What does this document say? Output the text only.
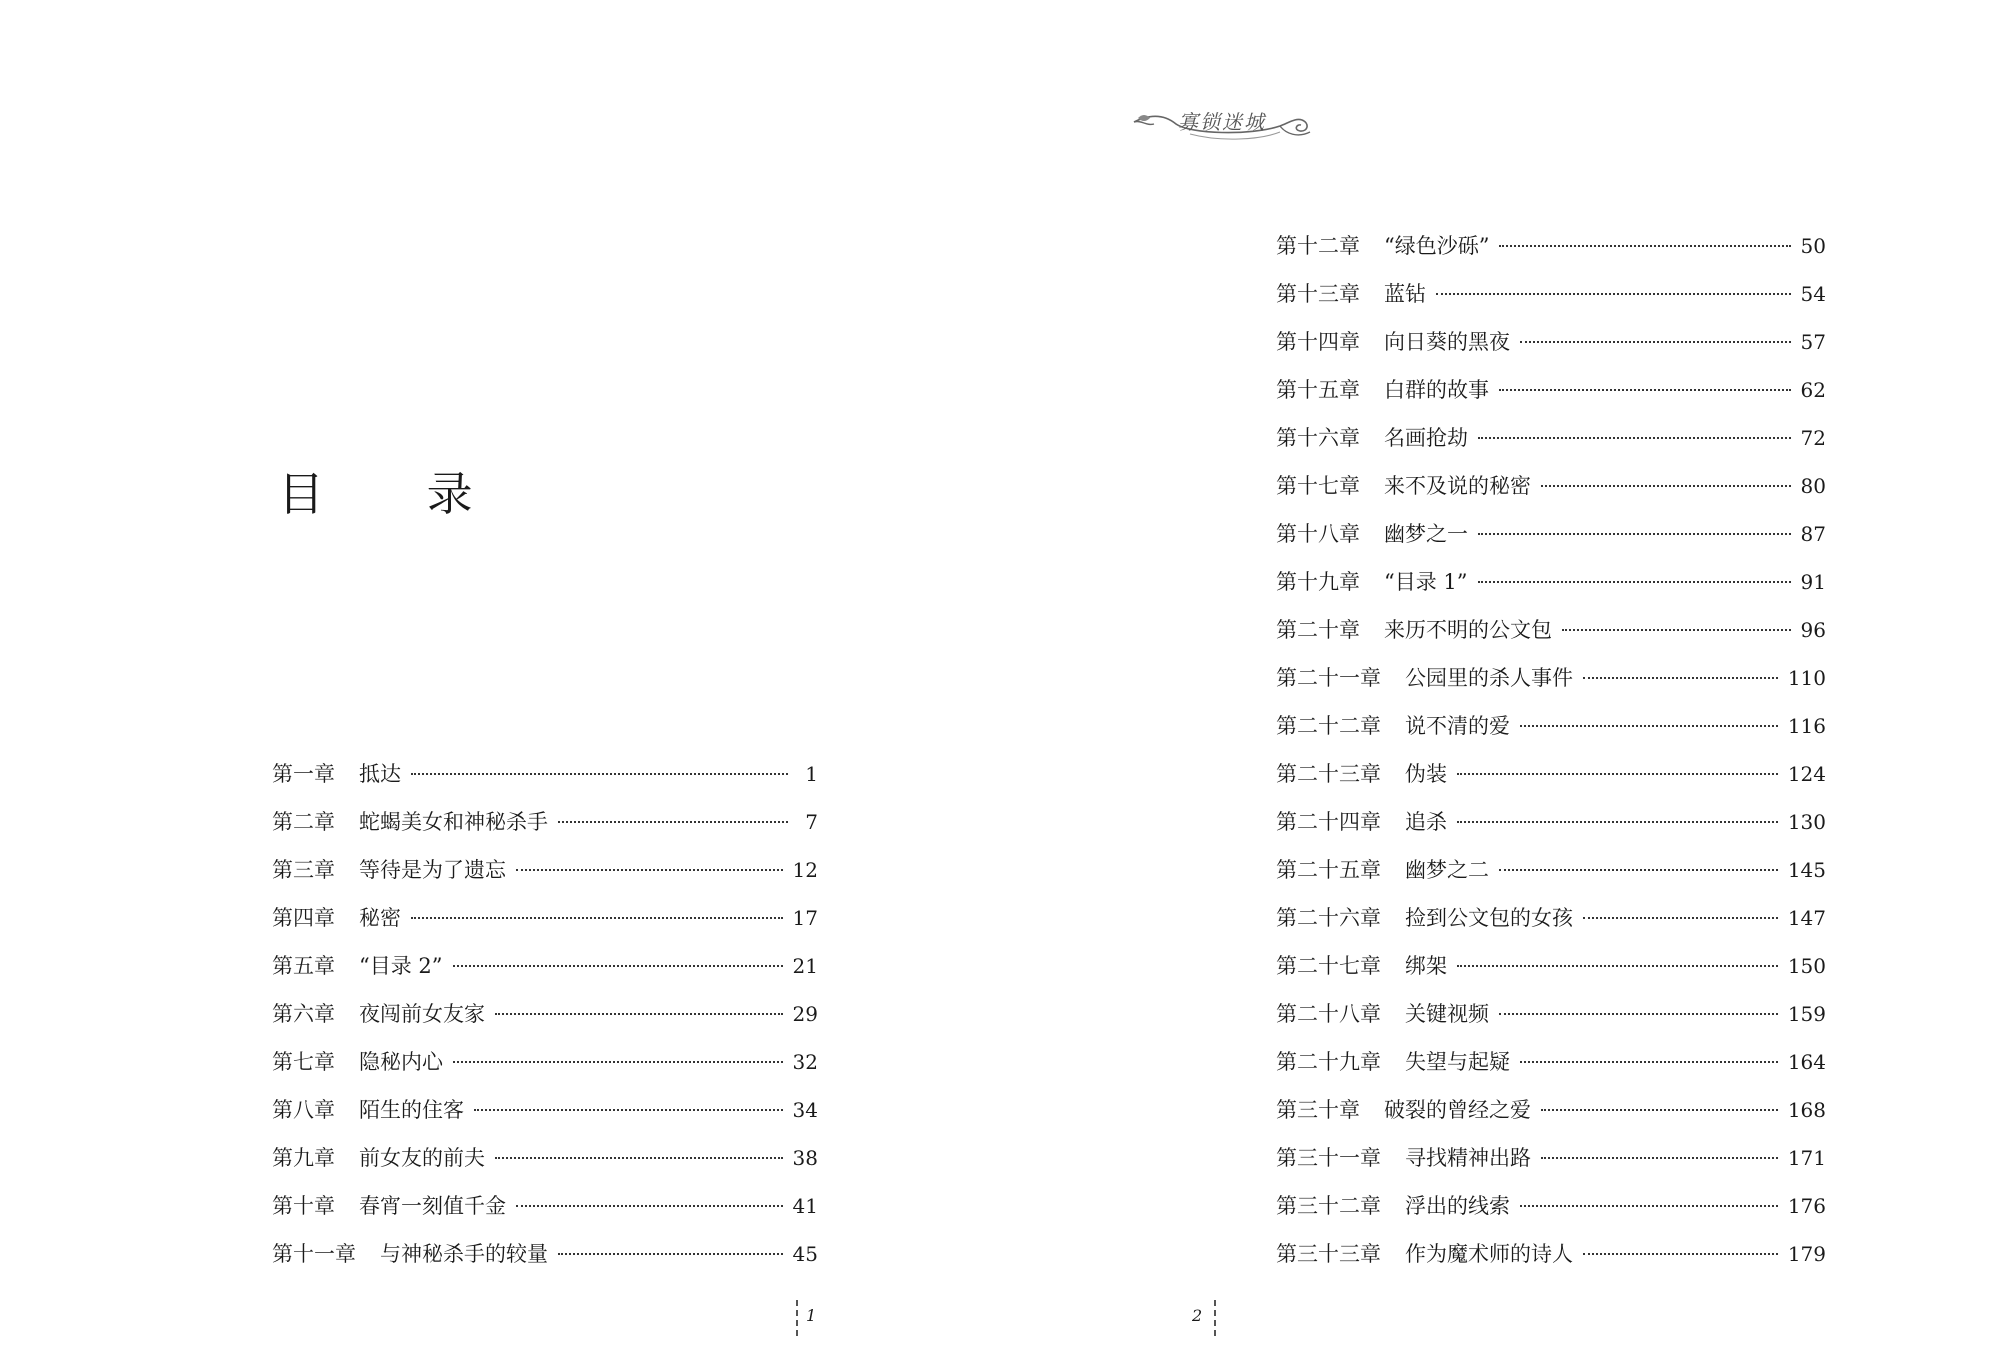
目 录
第一章 抵达	1
第二章 蛇蝎美女和神秘杀手	7
第三章 等待是为了遗忘	12
第四章 秘密	17
第五章 “目录 2”	21
第六章 夜闯前女友家	29
第七章 隐秘内心	32
第八章 陌生的住客	34
第九章 前女友的前夫	38
第十章 春宵一刻值千金	41
第十一章 与神秘杀手的较量	45
1
寡锁迷城
第十二章 “绿色沙砾”	50
第十三章 蓝钻	54
第十四章 向日葵的黑夜	57
第十五章 白群的故事	62
第十六章 名画抢劫	72
第十七章 来不及说的秘密	80
第十八章 幽梦之一	87
第十九章 “目录 1”	91
第二十章 来历不明的公文包	96
第二十一章 公园里的杀人事件	110
第二十二章 说不清的爱	116
第二十三章 伪装	124
第二十四章 追杀	130
第二十五章 幽梦之二	145
第二十六章 捡到公文包的女孩	147
第二十七章 绑架	150
第二十八章 关键视频	159
第二十九章 失望与起疑	164
第三十章 破裂的曾经之爱	168
第三十一章 寻找精神出路	171
第三十二章 浮出的线索	176
第三十三章 作为魔术师的诗人	179
2
